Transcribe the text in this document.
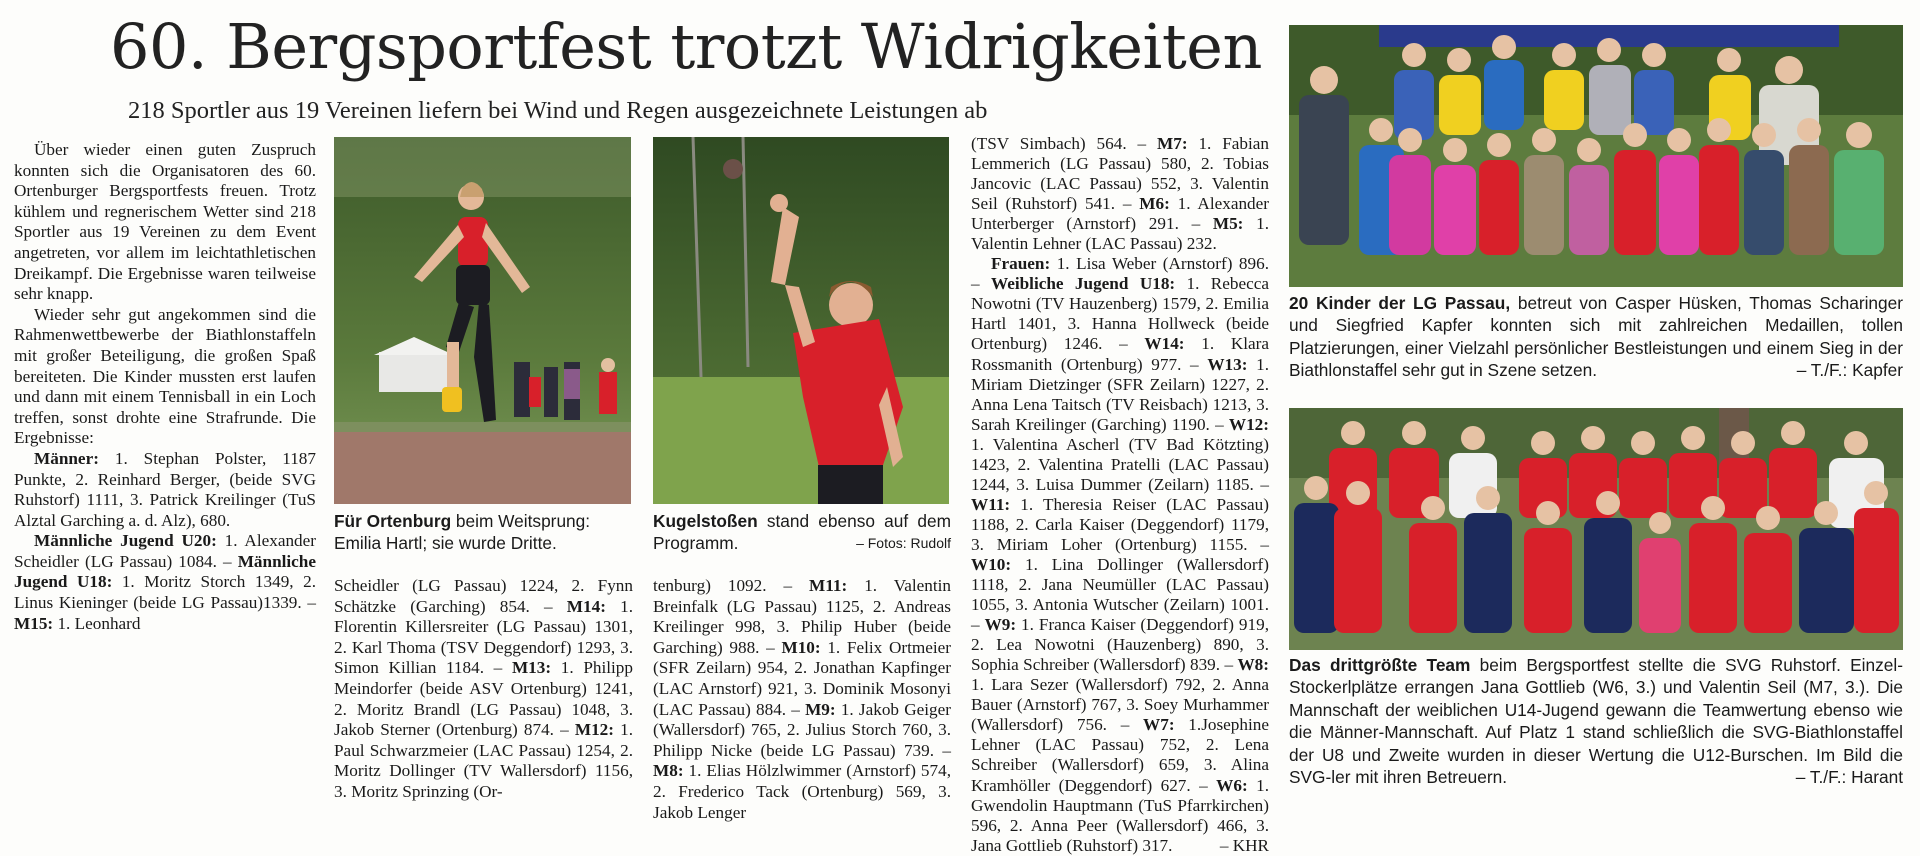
60. Bergsportfest trotzt Widrigkeiten
218 Sportler aus 19 Vereinen liefern bei Wind und Regen ausgezeichnete Leistungen ab

Über wieder einen guten Zuspruch konnten sich die Organisatoren des 60. Ortenburger Bergsportfests freuen. Trotz kühlem und regnerischem Wetter sind 218 Sportler aus 19 Vereinen zu dem Event angetreten, vor allem im leichtathletischen Dreikampf. Die Ergebnisse waren teilweise sehr knapp.

Wieder sehr gut angekommen sind die Rahmenwettbewerbe der Biathlonstaffeln mit großer Beteiligung, die großen Spaß bereiteten. Die Kinder mussten erst laufen und dann mit einem Tennisball in ein Loch treffen, sonst drohte eine Strafrunde. Die Ergebnisse:

Männer: 1. Stephan Polster, 1187 Punkte, 2. Reinhard Berger, (beide SVG Ruhstorf) 1111, 3. Patrick Kreilinger (TuS Alztal Garching a. d. Alz), 680.

Männliche Jugend U20: 1. Alexander Scheidler (LG Passau) 1084. – Männliche Jugend U18: 1. Moritz Storch 1349, 2. Linus Kieninger (beide LG Passau)1339. – M15: 1. Leonhard

Für Ortenburg beim Weitsprung: Emilia Hartl; sie wurde Dritte.

Scheidler (LG Passau) 1224, 2. Fynn Schätzke (Garching) 854. – M14: 1. Florentin Killersreiter (LG Passau) 1301, 2. Karl Thoma (TSV Deggendorf) 1293, 3. Simon Killian 1184. – M13: 1. Philipp Meindorfer (beide ASV Ortenburg) 1241, 2. Moritz Brandl (LG Passau) 1048, 3. Jakob Sterner (Ortenburg) 874. – M12: 1. Paul Schwarzmeier (LAC Passau) 1254, 2. Moritz Dollinger (TV Wallersdorf) 1156, 3. Moritz Sprinzing (Or-

Kugelstoßen stand ebenso auf dem Programm.	– Fotos: Rudolf

tenburg) 1092. – M11: 1. Valentin Breinfalk (LG Passau) 1125, 2. Andreas Kreilinger 998, 3. Philip Huber (beide Garching) 988. – M10: 1. Felix Ortmeier (SFR Zeilarn) 954, 2. Jonathan Kapfinger (LAC Arnstorf) 921, 3. Dominik Mosonyi (LAC Passau) 884. – M9: 1. Jakob Geiger (Wallersdorf) 765, 2. Julius Storch 760, 3. Philipp Nicke (beide LG Passau) 739. – M8: 1. Elias Hölzlwimmer (Arnstorf) 574, 2. Frederico Tack (Ortenburg) 569, 3. Jakob Lenger

(TSV Simbach) 564. – M7: 1. Fabian Lemmerich (LG Passau) 580, 2. Tobias Jancovic (LAC Passau) 552, 3. Valentin Seil (Ruhstorf) 541. – M6: 1. Alexander Unterberger (Arnstorf) 291. – M5: 1. Valentin Lehner (LAC Passau) 232.

Frauen: 1. Lisa Weber (Arnstorf) 896. – Weibliche Jugend U18: 1. Rebecca Nowotni (TV Hauzenberg) 1579, 2. Emilia Hartl 1401, 3. Hanna Hollweck (beide Ortenburg) 1246. – W14: 1. Klara Rossmanith (Ortenburg) 977. – W13: 1. Miriam Dietzinger (SFR Zeilarn) 1227, 2. Anna Lena Taitsch (TV Reisbach) 1213, 3. Sarah Kreilinger (Garching) 1190. – W12: 1. Valentina Ascherl (TV Bad Kötzting) 1423, 2. Valentina Pratelli (LAC Passau) 1244, 3. Luisa Dummer (Zeilarn) 1185. – W11: 1. Theresia Reiser (LAC Passau) 1188, 2. Carla Kaiser (Deggendorf) 1179, 3. Miriam Loher (Ortenburg) 1155. – W10: 1. Lina Dollinger (Wallersdorf) 1118, 2. Jana Neumüller (LAC Passau) 1055, 3. Antonia Wutscher (Zeilarn) 1001. – W9: 1. Franca Kaiser (Deggendorf) 919, 2. Lea Nowotni (Hauzenberg) 890, 3. Sophia Schreiber (Wallersdorf) 839. – W8: 1. Lara Sezer (Wallersdorf) 792, 2. Anna Bauer (Arnstorf) 767, 3. Soey Murhammer (Wallersdorf) 756. – W7: 1.Josephine Lehner (LAC Passau) 752, 2. Lena Schreiber (Wallersdorf) 659, 3. Alina Kramhöller (Deggendorf) 627. – W6: 1. Gwendolin Hauptmann (TuS Pfarrkirchen) 596, 2. Anna Peer (Wallersdorf) 466, 3. Jana Gottlieb (Ruhstorf) 317.	– KHR

20 Kinder der LG Passau, betreut von Casper Hüsken, Thomas Scharinger und Siegfried Kapfer konnten sich mit zahlreichen Medaillen, tollen Platzierungen, einer Vielzahl persönlicher Bestleistungen und einem Sieg in der Biathlonstaffel sehr gut in Szene setzen.	– T./F.: Kapfer
Das drittgrößte Team beim Bergsportfest stellte die SVG Ruhstorf. Einzel-Stockerlplätze errangen Jana Gottlieb (W6, 3.) und Valentin Seil (M7, 3.). Die Mannschaft der weiblichen U14-Jugend gewann die Teamwertung ebenso wie die Männer-Mannschaft. Auf Platz 1 stand schließlich die SVG-Biathlonstaffel der U8 und Zweite wurden in dieser Wertung die U12-Burschen. Im Bild die SVG-ler mit ihren Betreuern.	– T./F.: Harant
